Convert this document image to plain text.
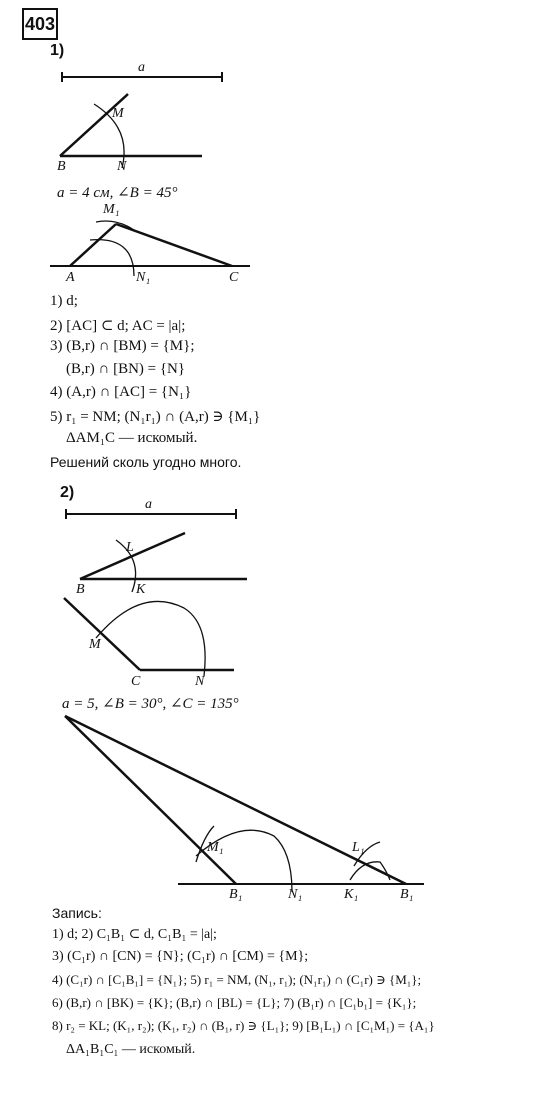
403
1)
a
M
B	N
a = 4 см, ∠B = 45°
M₁
A	N₁	C
1) d;
2) [AC] ⊂ d; AC = |a|;
3) (B,r) ∩ [BM) = {M};
(B,r) ∩ [BN) = {N}
4) (A,r) ∩ [AC] = {N₁}
5) r₁ = NM; (N₁r₁) ∩ (A,r) ∋ {M₁}
ΔAM₁C — искомый.
Решений сколь угодно много.
2)
a
L
B	K
M
C	N
a = 5, ∠B = 30°, ∠C = 135°
M₁	L₁
B₁	N₁	K₁	B₁
Запись:
1) d; 2) C₁B₁ ⊂ d, C₁B₁ = |a|;
3) (C₁r) ∩ [CN) = {N}; (C₁r) ∩ [CM) = {M};
4) (C₁r) ∩ [C₁B₁] = {N₁}; 5) r₁ = NM, (N₁, r₁); (N₁r₁) ∩ (C₁r) ∋ {M₁};
6) (B,r) ∩ [BK) = {K}; (B,r) ∩ [BL) = {L}; 7) (B₁r) ∩ [C₁b₁] = {K₁};
8) r₂ = KL; (K₁, r₂); (K₁, r₂) ∩ (B₁, r) ∋ {L₁}; 9) [B₁L₁) ∩ [C₁M₁) = {A₁}
ΔA₁B₁C₁ — искомый.
